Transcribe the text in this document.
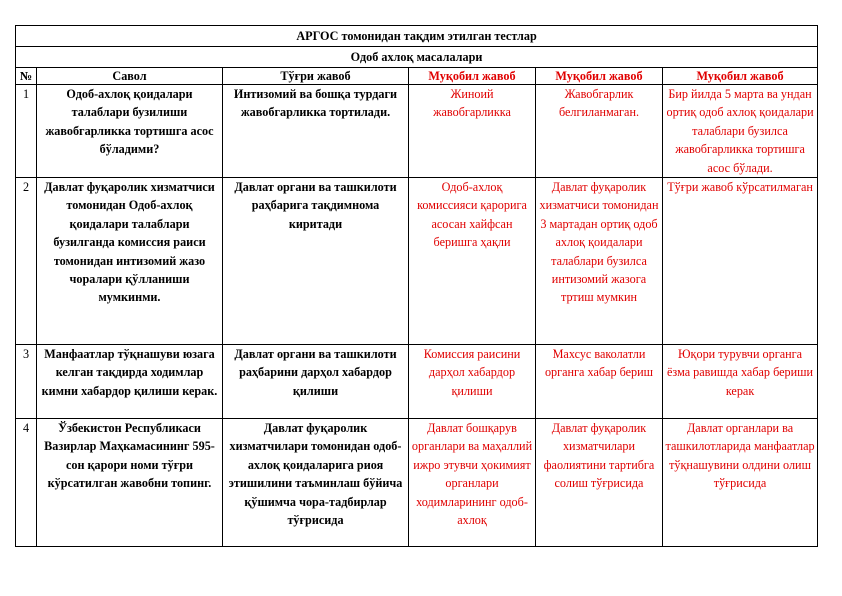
АРГОС томонидан тақдим этилган тестлар					
Одоб ахлоқ масалалари					
№	Савол	Тўғри жавоб	Муқобил жавоб	Муқобил жавоб	Муқобил жавоб
1	Одоб-ахлоқ қоидалари талаблари бузилиши жавобгарликка тортишга асос бўладими?	Интизомий ва бошқа турдаги жавобгарликка тортилади.	Жиноий жавобгарликка	Жавобгарлик белгиланмаган.	Бир йилда 5 марта ва ундан ортиқ одоб ахлоқ қоидалари талаблари бузилса жавобгарликка тортишга асос бўлади.
2	Давлат фуқаролик хизматчиси томонидан Одоб-ахлоқ қоидалари талаблари бузилганда комиссия раиси томонидан интизомий жазо чоралари қўлланиши мумкинми.	Давлат органи ва ташкилоти раҳбарига тақдимнома киритади	Одоб-ахлоқ комиссияси қарорига асосан хайфсан беришга ҳақли	Давлат фуқаролик хизматчиси томонидан 3 мартадан ортиқ одоб ахлоқ қоидалари талаблари бузилса интизомий жазога тртиш мумкин	Тўғри жавоб кўрсатилмаган
3	Манфаатлар тўқнашуви юзага келган тақдирда ходимлар кимни хабардор қилиши керак.	Давлат органи ва ташкилоти раҳбарини дарҳол хабардор қилиши	Комиссия раисини дарҳол хабардор қилиши	Махсус ваколатли органга хабар бериш	Юқори турувчи органга ёзма равишда хабар бериши керак
4	Ўзбекистон Республикаси Вазирлар Маҳкамасининг 595-сон қарори номи тўғри кўрсатилган жавобни топинг.	Давлат фуқаролик хизматчилари томонидан одоб-ахлоқ қоидаларига риоя этишилини таъминлаш бўйича қўшимча чора-тадбирлар тўғрисида	Давлат бошқарув органлари ва маҳаллий ижро этувчи ҳокимият органлари ходимларининг одоб-ахлоқ	Давлат фуқаролик хизматчилари фаолиятини тартибга солиш тўғрисида	Давлат органлари ва ташкилотларида манфаатлар тўқнашувини олдини олиш тўғрисида
